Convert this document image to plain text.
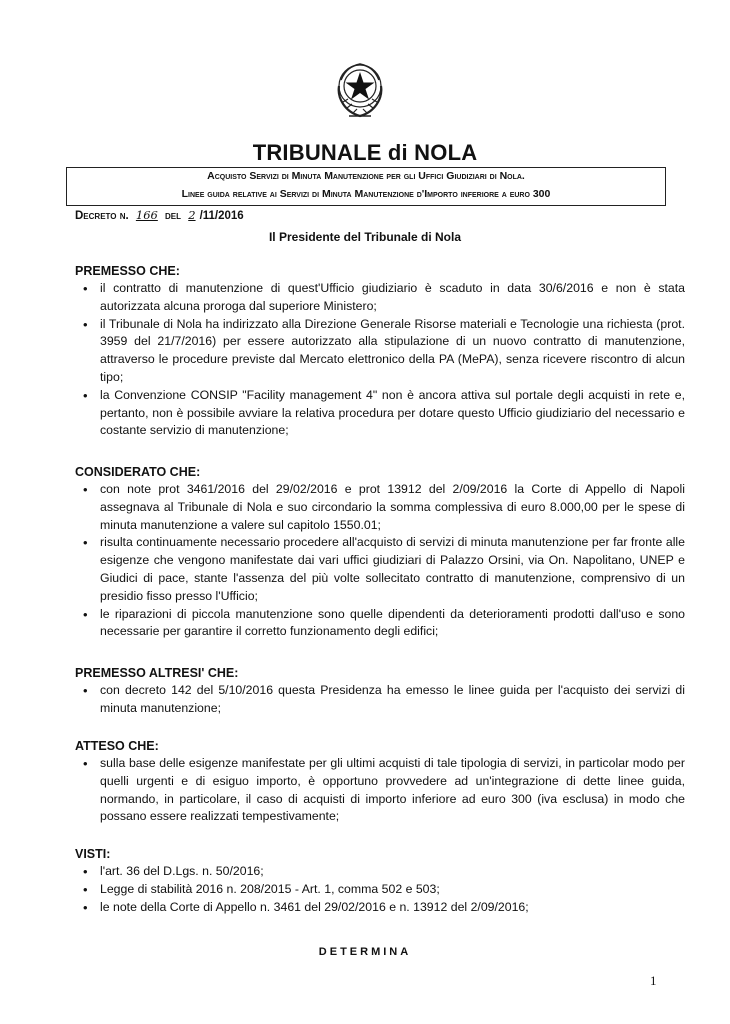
TRIBUNALE di NOLA
Acquisto Servizi di Minuta Manutenzione per gli Uffici Giudiziari di Nola.
Linee guida relative ai Servizi di Minuta Manutenzione d'Importo inferiore a euro 300
Decreto n. 166 del 2 /11/2016
Il Presidente del Tribunale di Nola
PREMESSO CHE:
• il contratto di manutenzione di quest'Ufficio giudiziario è scaduto in data 30/6/2016 e non è stata autorizzata alcuna proroga dal superiore Ministero;
• il Tribunale di Nola ha indirizzato alla Direzione Generale Risorse materiali e Tecnologie una richiesta (prot. 3959 del 21/7/2016) per essere autorizzato alla stipulazione di un nuovo contratto di manutenzione, attraverso le procedure previste dal Mercato elettronico della PA (MePA), senza ricevere riscontro di alcun tipo;
• la Convenzione CONSIP "Facility management 4" non è ancora attiva sul portale degli acquisti in rete e, pertanto, non è possibile avviare la relativa procedura per dotare questo Ufficio giudiziario del necessario e costante servizio di manutenzione;
CONSIDERATO CHE:
• con note prot 3461/2016 del 29/02/2016 e prot 13912 del 2/09/2016 la Corte di Appello di Napoli assegnava al Tribunale di Nola e suo circondario la somma complessiva di euro 8.000,00 per le spese di minuta manutenzione a valere sul capitolo 1550.01;
• risulta continuamente necessario procedere all'acquisto di servizi di minuta manutenzione per far fronte alle esigenze che vengono manifestate dai vari uffici giudiziari di Palazzo Orsini, via On. Napolitano, UNEP e Giudici di pace, stante l'assenza del più volte sollecitato contratto di manutenzione, comprensivo di un presidio fisso presso l'Ufficio;
• le riparazioni di piccola manutenzione sono quelle dipendenti da deterioramenti prodotti dall'uso e sono necessarie per garantire il corretto funzionamento degli edifici;
PREMESSO ALTRESI' CHE:
• con decreto 142 del 5/10/2016 questa Presidenza ha emesso le linee guida per l'acquisto dei servizi di minuta manutenzione;
ATTESO CHE:
• sulla base delle esigenze manifestate per gli ultimi acquisti di tale tipologia di servizi, in particolar modo per quelli urgenti e di esiguo importo, è opportuno provvedere ad un'integrazione di dette linee guida, normando, in particolare, il caso di acquisti di importo inferiore ad euro 300 (iva esclusa) in modo che possano essere realizzati tempestivamente;
VISTI:
• l'art. 36 del D.Lgs. n. 50/2016;
• Legge di stabilità 2016 n. 208/2015 - Art. 1, comma 502 e 503;
• le note della Corte di Appello n. 3461 del 29/02/2016 e n. 13912 del 2/09/2016;
DETERMINA
1
